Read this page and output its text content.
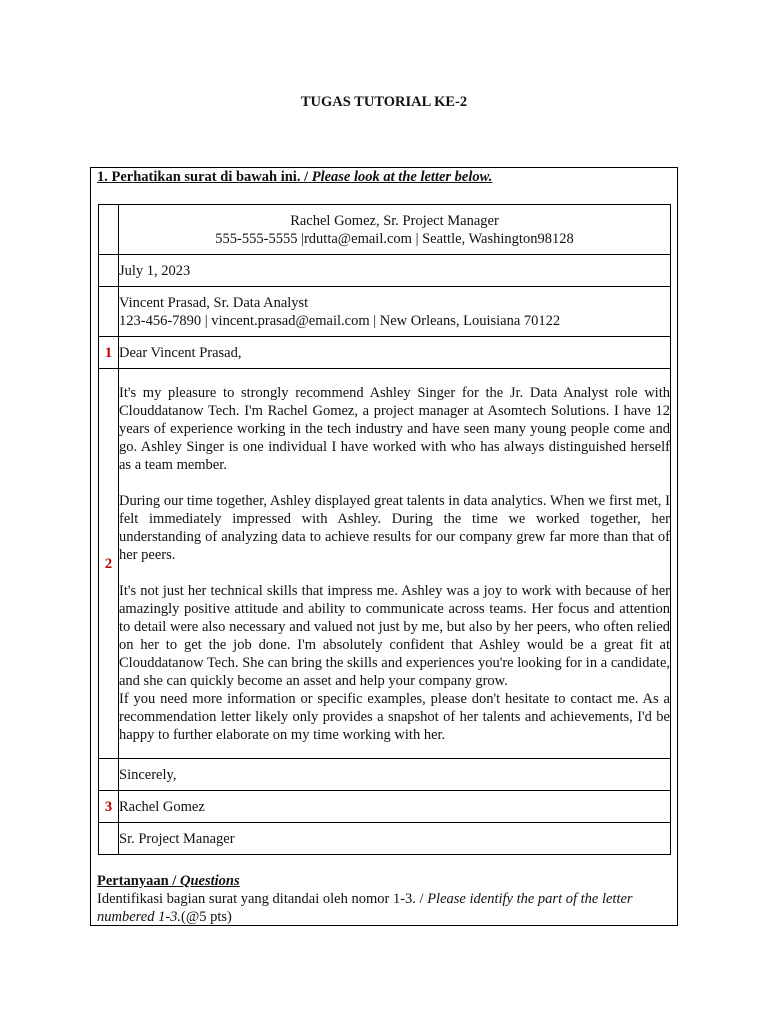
TUGAS TUTORIAL KE-2
1. Perhatikan surat di bawah ini. / Please look at the letter below.

	Rachel Gomez, Sr. Project Manager
555-555-5555 |rdutta@email.com | Seattle, Washington98128

	July 1, 2023

	Vincent Prasad, Sr. Data Analyst
123-456-7890 | vincent.prasad@email.com | New Orleans, Louisiana 70122

1	Dear Vincent Prasad,
2	It's my pleasure to strongly recommend Ashley Singer for the Jr. Data Analyst role with Clouddatanow Tech. I'm Rachel Gomez, a project manager at Asomtech Solutions. I have 12 years of experience working in the tech industry and have seen many young people come and go. Ashley Singer is one individual I have worked with who has always distinguished herself as a team member.
During our time together, Ashley displayed great talents in data analytics. When we first met, I felt immediately impressed with Ashley. During the time we worked together, her understanding of analyzing data to achieve results for our company grew far more than that of her peers.
It's not just her technical skills that impress me. Ashley was a joy to work with because of her amazingly positive attitude and ability to communicate across teams. Her focus and attention to detail were also necessary and valued not just by me, but also by her peers, who often relied on her to get the job done. I'm absolutely confident that Ashley would be a great fit at Clouddatanow Tech. She can bring the skills and experiences you're looking for in a candidate, and she can quickly become an asset and help your company grow.
If you need more information or specific examples, please don't hesitate to contact me. As a recommendation letter likely only provides a snapshot of her talents and achievements, I'd be happy to further elaborate on my time working with her.

	Sincerely,
3	Rachel Gomez
	Sr. Project Manager
Pertanyaan / Questions
Identifikasi bagian surat yang ditandai oleh nomor 1-3. / Please identify the part of the letter numbered 1-3.(@5 pts)
